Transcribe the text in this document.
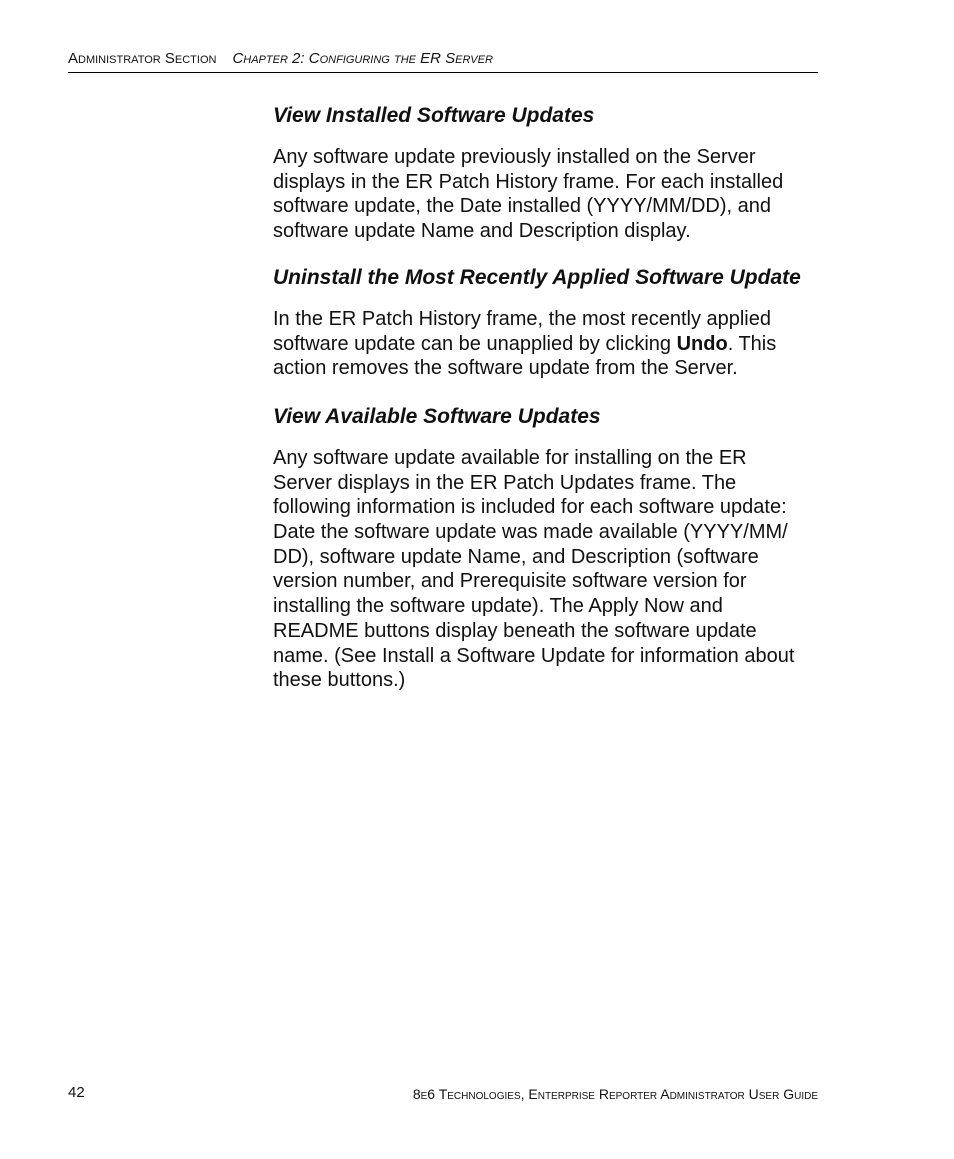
Administrator Section Chapter 2: Configuring the ER Server
View Installed Software Updates
Any software update previously installed on the Server
displays in the ER Patch History frame. For each installed
software update, the Date installed (YYYY/MM/DD), and
software update Name and Description display.
Uninstall the Most Recently Applied Software Update
In the ER Patch History frame, the most recently applied
software update can be unapplied by clicking Undo. This
action removes the software update from the Server.
View Available Software Updates
Any software update available for installing on the ER
Server displays in the ER Patch Updates frame. The
following information is included for each software update:
Date the software update was made available (YYYY/MM/
DD), software update Name, and Description (software
version number, and Prerequisite software version for
installing the software update). The Apply Now and
README buttons display beneath the software update
name. (See Install a Software Update for information about
these buttons.)
42	8e6 Technologies, Enterprise Reporter Administrator User Guide
